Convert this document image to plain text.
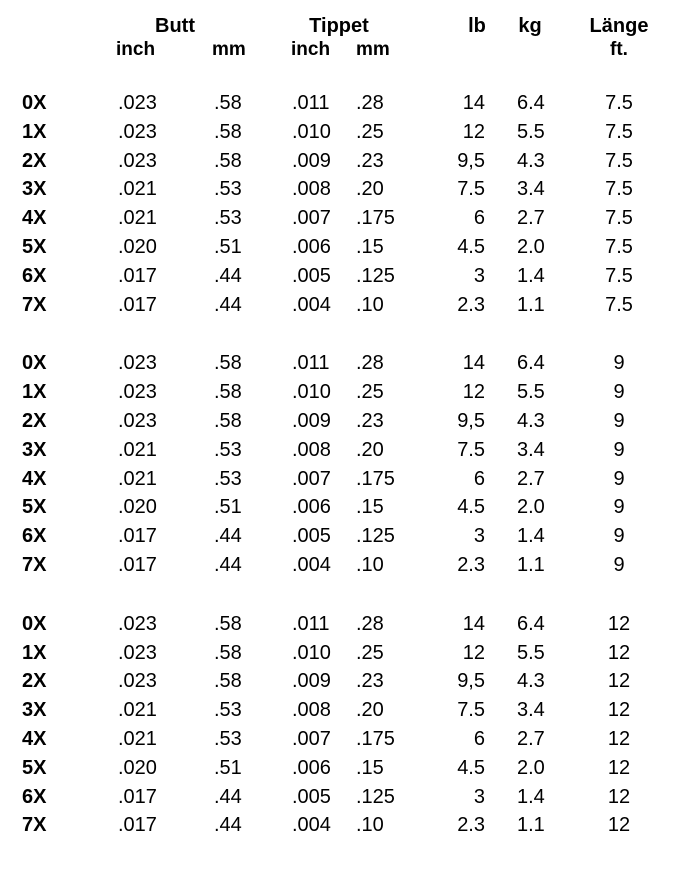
Butt	Tippet	lb kg Länge
inch	mm inch mm	ft.
0X	.023	.58	.011 .28	14 6.4	7.5
1X	.023	.58	.010 .25	12 5.5	7.5
2X	.023	.58	.009 .23	9,5 4.3	7.5
3X	.021	.53	.008 .20	7.5 3.4	7.5
4X	.021	.53	.007 .175	6 2.7	7.5
5X	.020	.51	.006 .15	4.5 2.0	7.5
6X	.017	.44	.005 .125	3 1.4	7.5
7X	.017	.44	.004 .10	2.3 1.1	7.5
0X	.023	.58	.011 .28	14 6.4	9
1X	.023	.58	.010 .25	12 5.5	9
2X	.023	.58	.009 .23	9,5 4.3	9
3X	.021	.53	.008 .20	7.5 3.4	9
4X	.021	.53	.007 .175	6 2.7	9
5X	.020	.51	.006 .15	4.5 2.0	9
6X	.017	.44	.005 .125	3 1.4	9
7X	.017	.44	.004 .10	2.3 1.1	9
0X	.023	.58	.011 .28	14 6.4	12
1X	.023	.58	.010 .25	12 5.5	12
2X	.023	.58	.009 .23	9,5 4.3	12
3X	.021	.53	.008 .20	7.5 3.4	12
4X	.021	.53	.007 .175	6 2.7	12
5X	.020	.51	.006 .15	4.5 2.0	12
6X	.017	.44	.005 .125	3 1.4	12
7X	.017	.44	.004 .10	2.3 1.1	12
